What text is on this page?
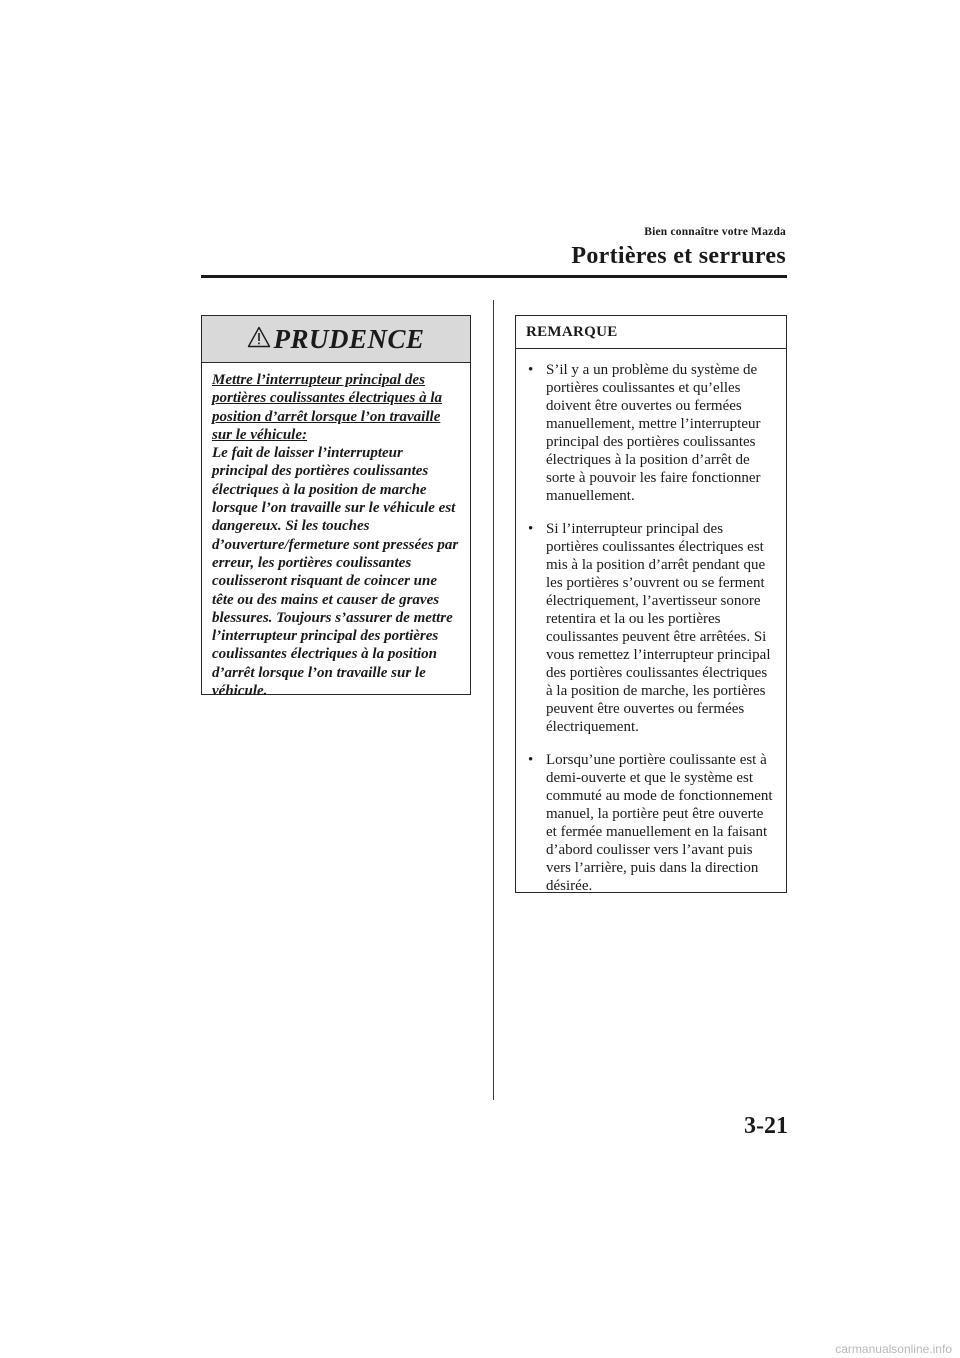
Bien connaître votre Mazda
Portières et serrures
PRUDENCE
Mettre l’interrupteur principal des portières coulissantes électriques à la position d’arrêt lorsque l’on travaille sur le véhicule:
Le fait de laisser l’interrupteur principal des portières coulissantes électriques à la position de marche lorsque l’on travaille sur le véhicule est dangereux. Si les touches d’ouverture/fermeture sont pressées par erreur, les portières coulissantes coulisseront risquant de coincer une tête ou des mains et causer de graves blessures. Toujours s’assurer de mettre l’interrupteur principal des portières coulissantes électriques à la position d’arrêt lorsque l’on travaille sur le véhicule.
REMARQUE
• S’il y a un problème du système de portières coulissantes et qu’elles doivent être ouvertes ou fermées manuellement, mettre l’interrupteur principal des portières coulissantes électriques à la position d’arrêt de sorte à pouvoir les faire fonctionner manuellement.
• Si l’interrupteur principal des portières coulissantes électriques est mis à la position d’arrêt pendant que les portières s’ouvrent ou se ferment électriquement, l’avertisseur sonore retentira et la ou les portières coulissantes peuvent être arrêtées. Si vous remettez l’interrupteur principal des portières coulissantes électriques à la position de marche, les portières peuvent être ouvertes ou fermées électriquement.
• Lorsqu’une portière coulissante est à demi-ouverte et que le système est commuté au mode de fonctionnement manuel, la portière peut être ouverte et fermée manuellement en la faisant d’abord coulisser vers l’avant puis vers l’arrière, puis dans la direction désirée.
3-21
carmanualsonline.info
